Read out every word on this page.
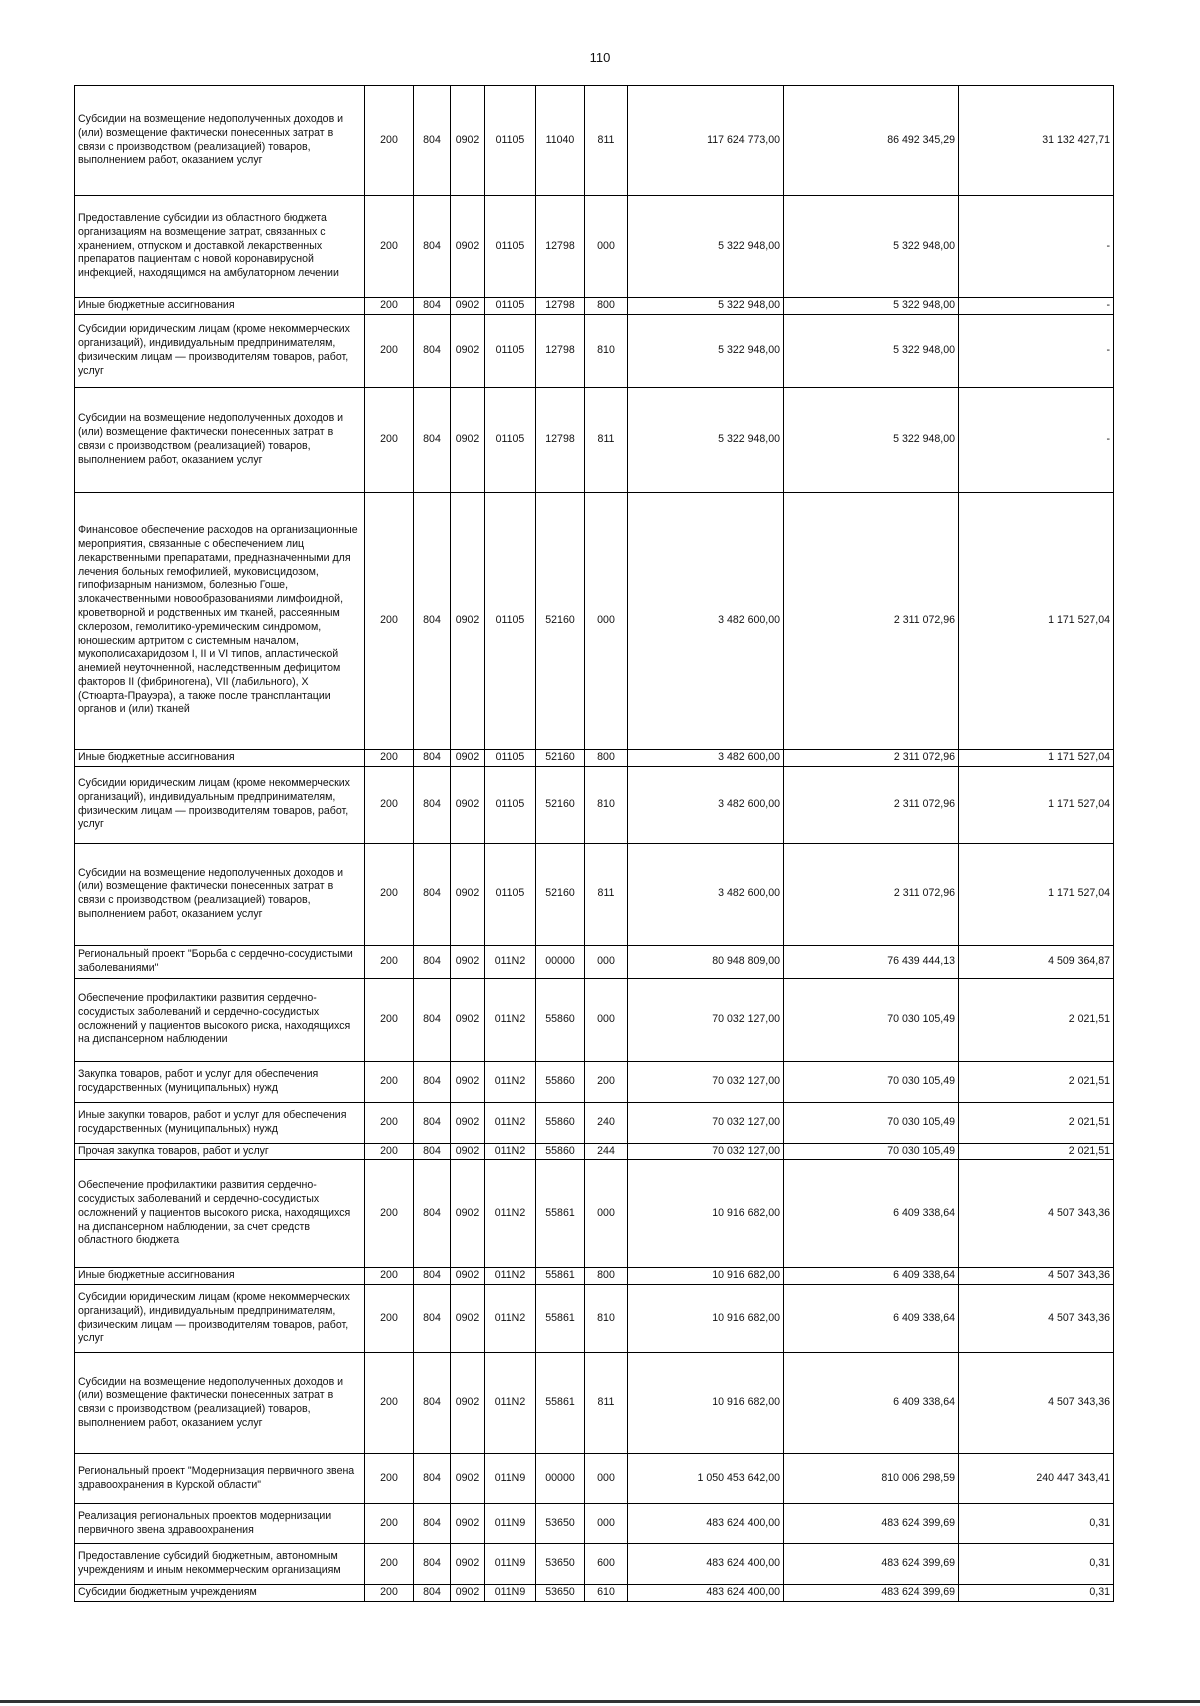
110
Субсидии на возмещение недополученных доходов и (или) возмещение фактически понесенных затрат в связи с производством (реализацией) товаров, выполнением работ, оказанием услуг	200	804	0902	01105	11040	811	117 624 773,00	86 492 345,29	31 132 427,71
Предоставление субсидии из областного бюджета организациям на возмещение затрат, связанных с хранением, отпуском и доставкой лекарственных препаратов пациентам с новой коронавирусной инфекцией, находящимся на амбулаторном лечении	200	804	0902	01105	12798	000	5 322 948,00	5 322 948,00	-
Иные бюджетные ассигнования	200	804	0902	01105	12798	800	5 322 948,00	5 322 948,00	-
Субсидии юридическим лицам (кроме некоммерческих организаций), индивидуальным предпринимателям, физическим лицам — производителям товаров, работ, услуг	200	804	0902	01105	12798	810	5 322 948,00	5 322 948,00	-
Субсидии на возмещение недополученных доходов и (или) возмещение фактически понесенных затрат в связи с производством (реализацией) товаров, выполнением работ, оказанием услуг	200	804	0902	01105	12798	811	5 322 948,00	5 322 948,00	-
Финансовое обеспечение расходов на организационные мероприятия, связанные с обеспечением лиц лекарственными препаратами, предназначенными для лечения больных гемофилией, муковисцидозом, гипофизарным нанизмом, болезнью Гоше, злокачественными новообразованиями лимфоидной, кроветворной и родственных им тканей, рассеянным склерозом, гемолитико-уремическим синдромом, юношеским артритом с системным началом, мукополисахаридозом I, II и VI типов, апластической анемией неуточненной, наследственным дефицитом факторов II (фибриногена), VII (лабильного), X (Стюарта-Прауэра), а также после трансплантации органов и (или) тканей	200	804	0902	01105	52160	000	3 482 600,00	2 311 072,96	1 171 527,04
Иные бюджетные ассигнования	200	804	0902	01105	52160	800	3 482 600,00	2 311 072,96	1 171 527,04
Субсидии юридическим лицам (кроме некоммерческих организаций), индивидуальным предпринимателям, физическим лицам — производителям товаров, работ, услуг	200	804	0902	01105	52160	810	3 482 600,00	2 311 072,96	1 171 527,04
Субсидии на возмещение недополученных доходов и (или) возмещение фактически понесенных затрат в связи с производством (реализацией) товаров, выполнением работ, оказанием услуг	200	804	0902	01105	52160	811	3 482 600,00	2 311 072,96	1 171 527,04
Региональный проект "Борьба с сердечно-сосудистыми заболеваниями"	200	804	0902	011N2	00000	000	80 948 809,00	76 439 444,13	4 509 364,87
Обеспечение профилактики развития сердечно-сосудистых заболеваний и сердечно-сосудистых осложнений у пациентов высокого риска, находящихся на диспансерном наблюдении	200	804	0902	011N2	55860	000	70 032 127,00	70 030 105,49	2 021,51
Закупка товаров, работ и услуг для обеспечения государственных (муниципальных) нужд	200	804	0902	011N2	55860	200	70 032 127,00	70 030 105,49	2 021,51
Иные закупки товаров, работ и услуг для обеспечения государственных (муниципальных) нужд	200	804	0902	011N2	55860	240	70 032 127,00	70 030 105,49	2 021,51
Прочая закупка товаров, работ и услуг	200	804	0902	011N2	55860	244	70 032 127,00	70 030 105,49	2 021,51
Обеспечение профилактики развития сердечно-сосудистых заболеваний и сердечно-сосудистых осложнений у пациентов высокого риска, находящихся на диспансерном наблюдении, за счет средств областного бюджета	200	804	0902	011N2	55861	000	10 916 682,00	6 409 338,64	4 507 343,36
Иные бюджетные ассигнования	200	804	0902	011N2	55861	800	10 916 682,00	6 409 338,64	4 507 343,36
Субсидии юридическим лицам (кроме некоммерческих организаций), индивидуальным предпринимателям, физическим лицам — производителям товаров, работ, услуг	200	804	0902	011N2	55861	810	10 916 682,00	6 409 338,64	4 507 343,36
Субсидии на возмещение недополученных доходов и (или) возмещение фактически понесенных затрат в связи с производством (реализацией) товаров, выполнением работ, оказанием услуг	200	804	0902	011N2	55861	811	10 916 682,00	6 409 338,64	4 507 343,36
Региональный проект "Модернизация первичного звена здравоохранения в Курской области"	200	804	0902	011N9	00000	000	1 050 453 642,00	810 006 298,59	240 447 343,41
Реализация региональных проектов модернизации первичного звена здравоохранения	200	804	0902	011N9	53650	000	483 624 400,00	483 624 399,69	0,31
Предоставление субсидий бюджетным, автономным учреждениям и иным некоммерческим организациям	200	804	0902	011N9	53650	600	483 624 400,00	483 624 399,69	0,31
Субсидии бюджетным учреждениям	200	804	0902	011N9	53650	610	483 624 400,00	483 624 399,69	0,31
